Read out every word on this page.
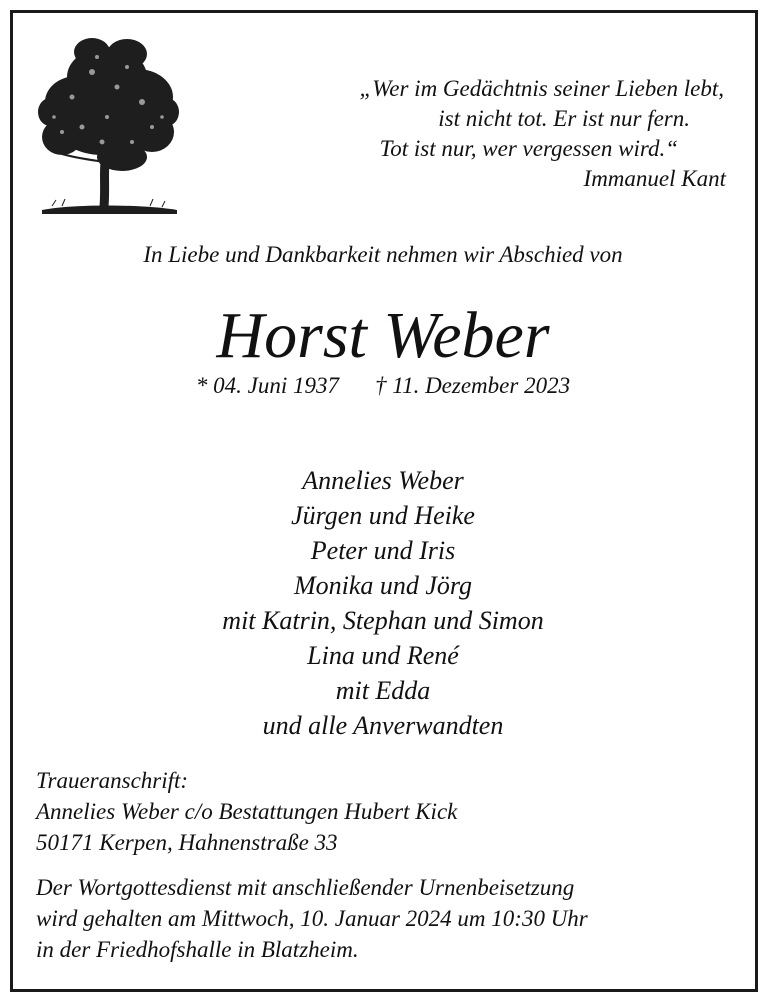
„Wer im Gedächtnis seiner Lieben lebt,
ist nicht tot. Er ist nur fern.
Tot ist nur, wer vergessen wird.“
Immanuel Kant
In Liebe und Dankbarkeit nehmen wir Abschied von
Horst Weber
* 04. Juni 1937 † 11. Dezember 2023
Annelies Weber
Jürgen und Heike
Peter und Iris
Monika und Jörg
mit Katrin, Stephan und Simon
Lina und René
mit Edda
und alle Anverwandten
Traueranschrift:
Annelies Weber c/o Bestattungen Hubert Kick
50171 Kerpen, Hahnenstraße 33
Der Wortgottesdienst mit anschließender Urnenbeisetzung
wird gehalten am Mittwoch, 10. Januar 2024 um 10:30 Uhr
in der Friedhofshalle in Blatzheim.
